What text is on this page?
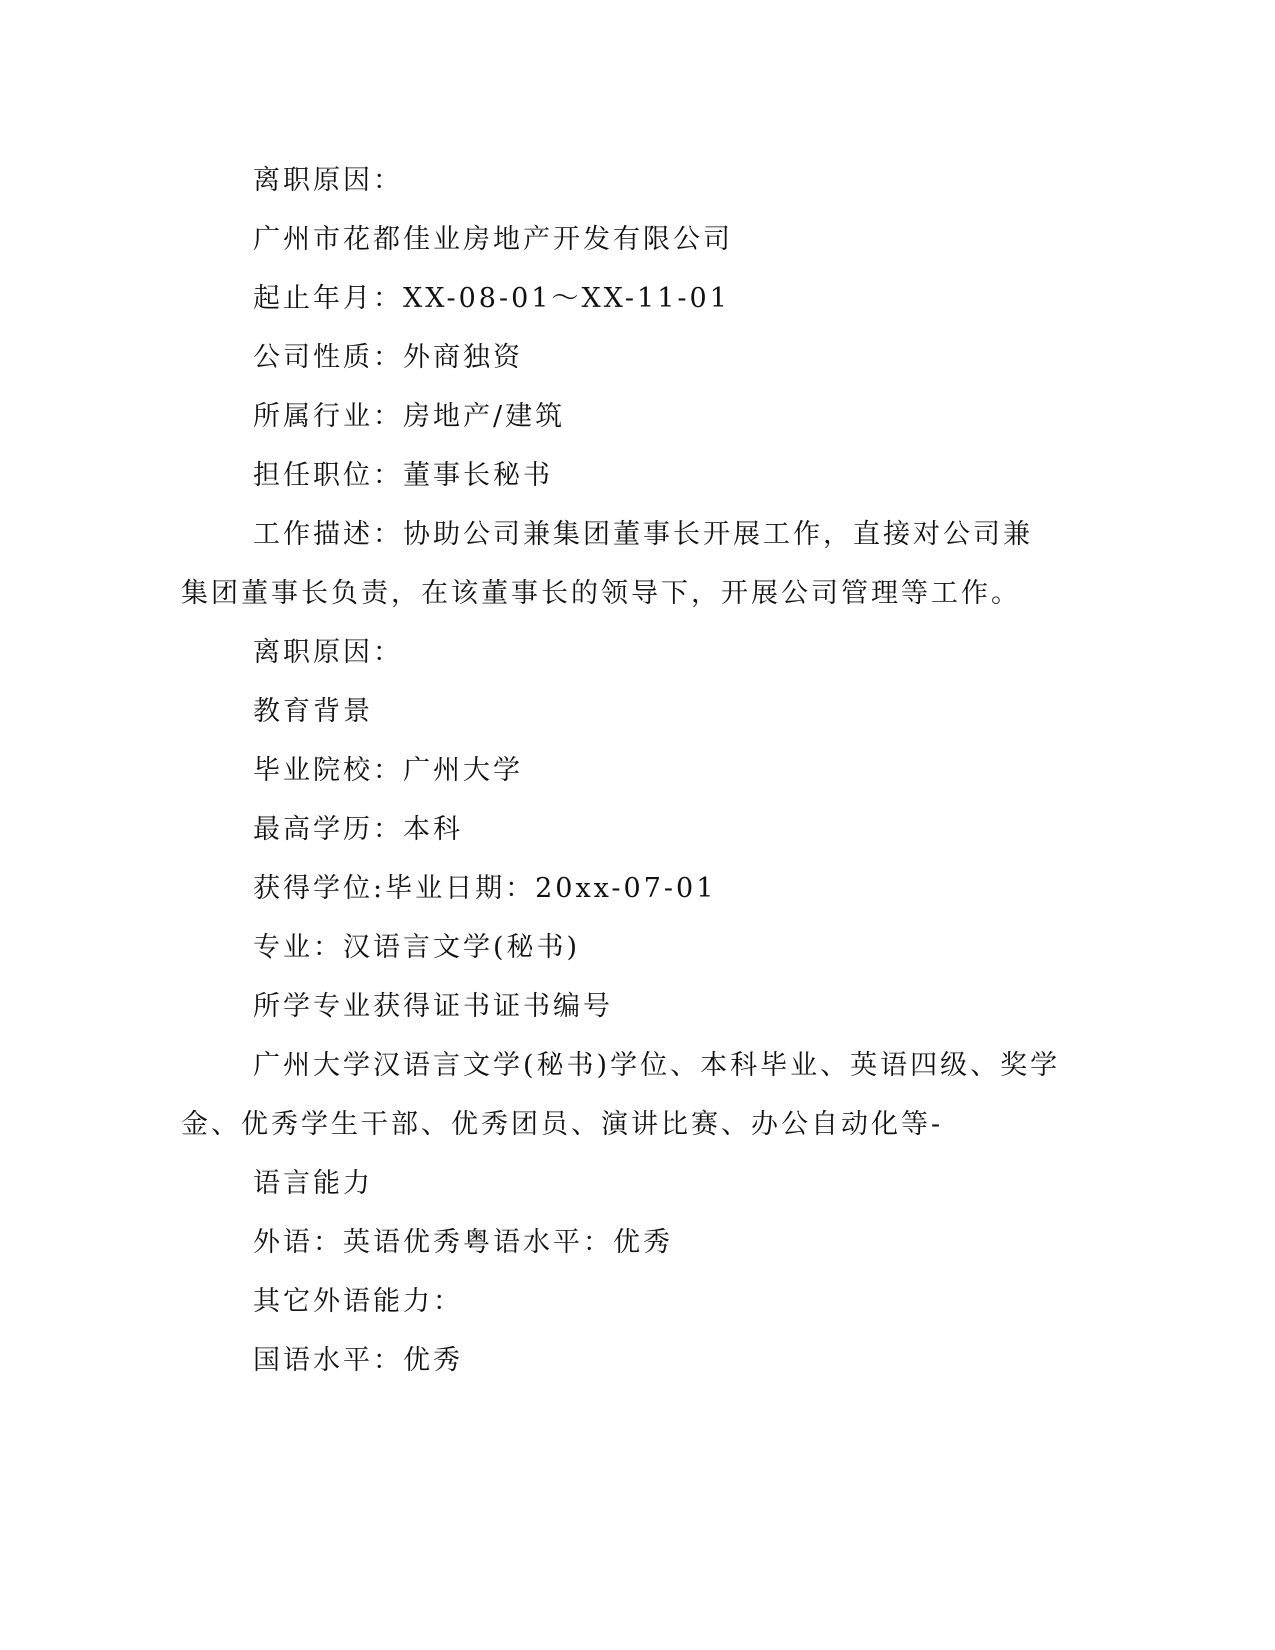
离职原因：

广州市花都佳业房地产开发有限公司

起止年月：XX-08-01～XX-11-01

公司性质：外商独资

所属行业：房地产/建筑

担任职位：董事长秘书

工作描述：协助公司兼集团董事长开展工作，直接对公司兼集团董事长负责，在该董事长的领导下，开展公司管理等工作。

离职原因：

教育背景

毕业院校：广州大学

最高学历：本科

获得学位:毕业日期：20xx-07-01

专业：汉语言文学(秘书)

所学专业获得证书证书编号

广州大学汉语言文学(秘书)学位、本科毕业、英语四级、奖学金、优秀学生干部、优秀团员、演讲比赛、办公自动化等-

语言能力

外语：英语优秀粤语水平：优秀

其它外语能力：

国语水平：优秀
